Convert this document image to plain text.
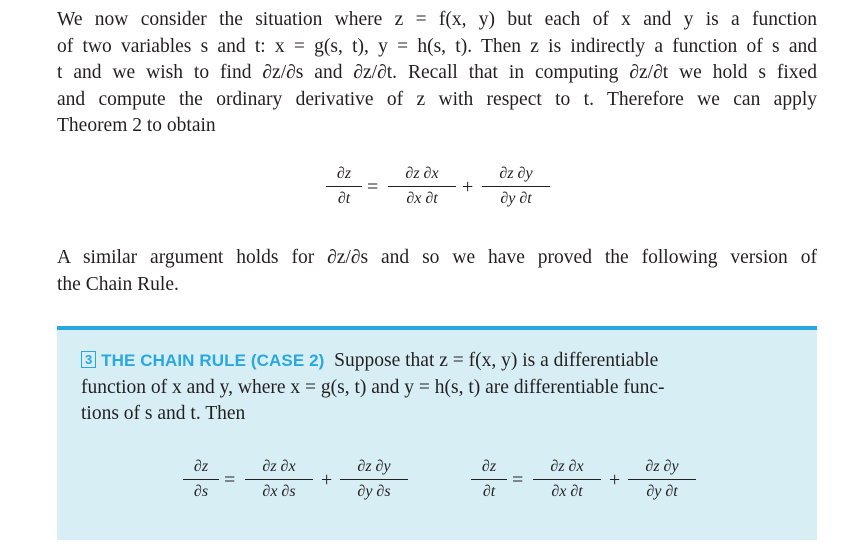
We now consider the situation where z = f(x, y) but each of x and y is a function
of two variables s and t: x = g(s, t), y = h(s, t). Then z is indirectly a function of s and
t and we wish to find ∂z/∂s and ∂z/∂t. Recall that in computing ∂z/∂t we hold s fixed
and compute the ordinary derivative of z with respect to t. Therefore we can apply
Theorem 2 to obtain
∂z
∂t
=
∂z ∂x
∂x ∂t
+
∂z ∂y
∂y ∂t
A similar argument holds for ∂z/∂s and so we have proved the following version of
the Chain Rule.
3 THE CHAIN RULE (CASE 2) Suppose that z = f(x, y) is a differentiable
function of x and y, where x = g(s, t) and y = h(s, t) are differentiable func-
tions of s and t. Then
∂z
∂s
=
∂z ∂x
∂x ∂s
+
∂z ∂y
∂y ∂s
∂z
∂t
=
∂z ∂x
∂x ∂t
+
∂z ∂y
∂y ∂t
